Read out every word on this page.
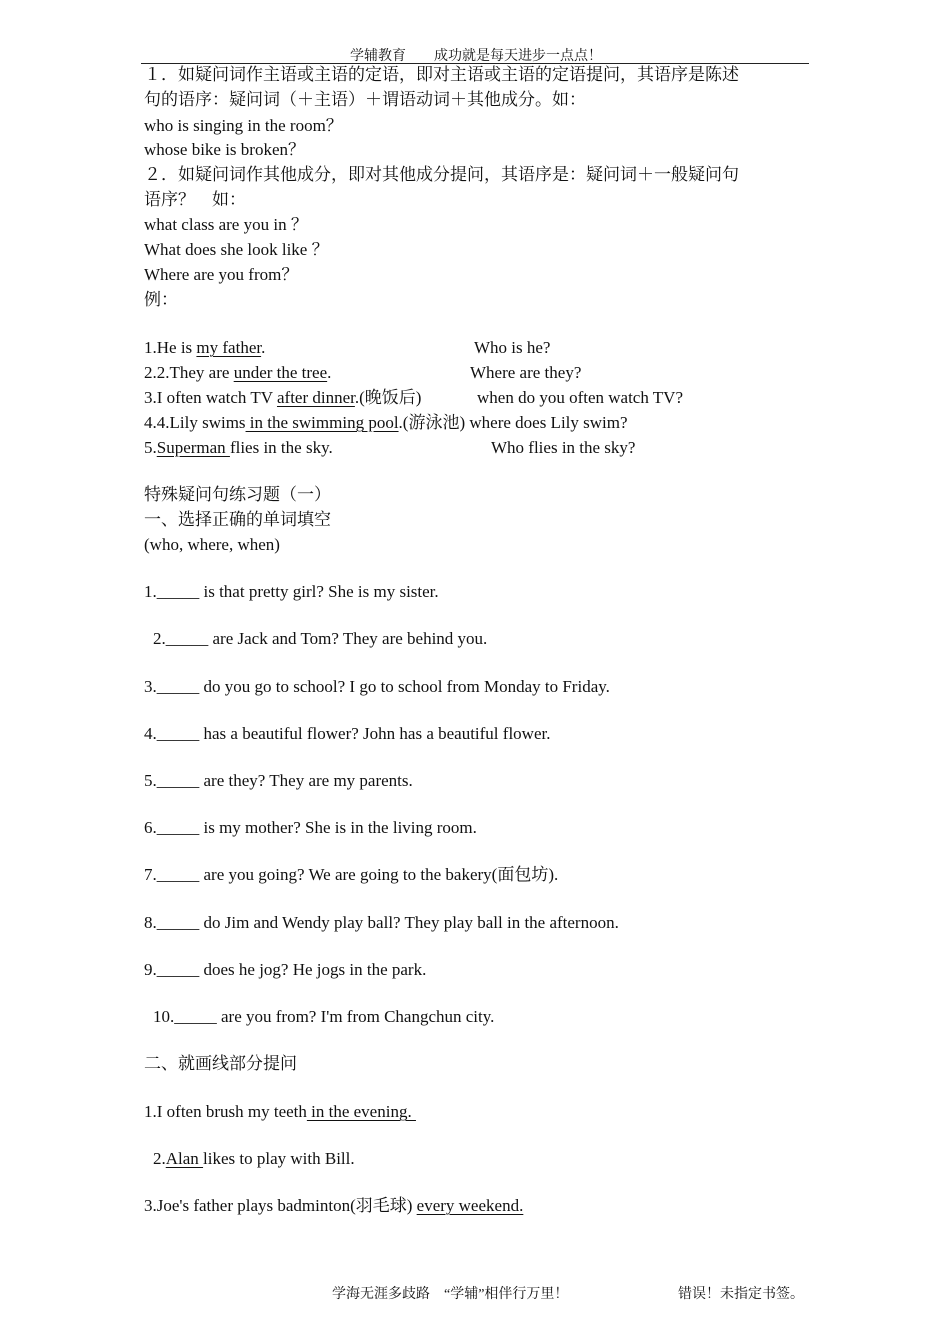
学辅教育　　成功就是每天进步一点点！
１．如疑问词作主语或主语的定语，即对主语或主语的定语提问，其语序是陈述
句的语序：疑问词（＋主语）＋谓语动词＋其他成分。如：
who is singing in the room？
whose bike is broken？
２．如疑问词作其他成分，即对其他成分提问，其语序是：疑问词＋一般疑问句
语序？　如：
what class are you in ？
What does she look like ？
Where are you from？
例：
1.He is my father.	Who is he?
2.2.They are under the tree.	Where are they?
3.I often watch TV after dinner.(晚饭后)	when do you often watch TV?
4.4.Lily swims in the swimming pool.(游泳池) where does Lily swim?
5.Superman flies in the sky.	Who flies in the sky?
特殊疑问句练习题（一）
一、选择正确的单词填空
(who, where, when)
1._____ is that pretty girl? She is my sister.
2._____ are Jack and Tom? They are behind you.
3._____ do you go to school? I go to school from Monday to Friday.
4._____ has a beautiful flower? John has a beautiful flower.
5._____ are they? They are my parents.
6._____ is my mother? She is in the living room.
7._____ are you going? We are going to the bakery(面包坊).
8._____ do Jim and Wendy play ball? They play ball in the afternoon.
9._____ does he jog? He jogs in the park.
10._____ are you from? I'm from Changchun city.
二、就画线部分提问
1.I often brush my teeth in the evening.
2.Alan likes to play with Bill.
3.Joe's father plays badminton(羽毛球) every weekend.
学海无涯多歧路　“学辅”相伴行万里！	错误！未指定书签。
